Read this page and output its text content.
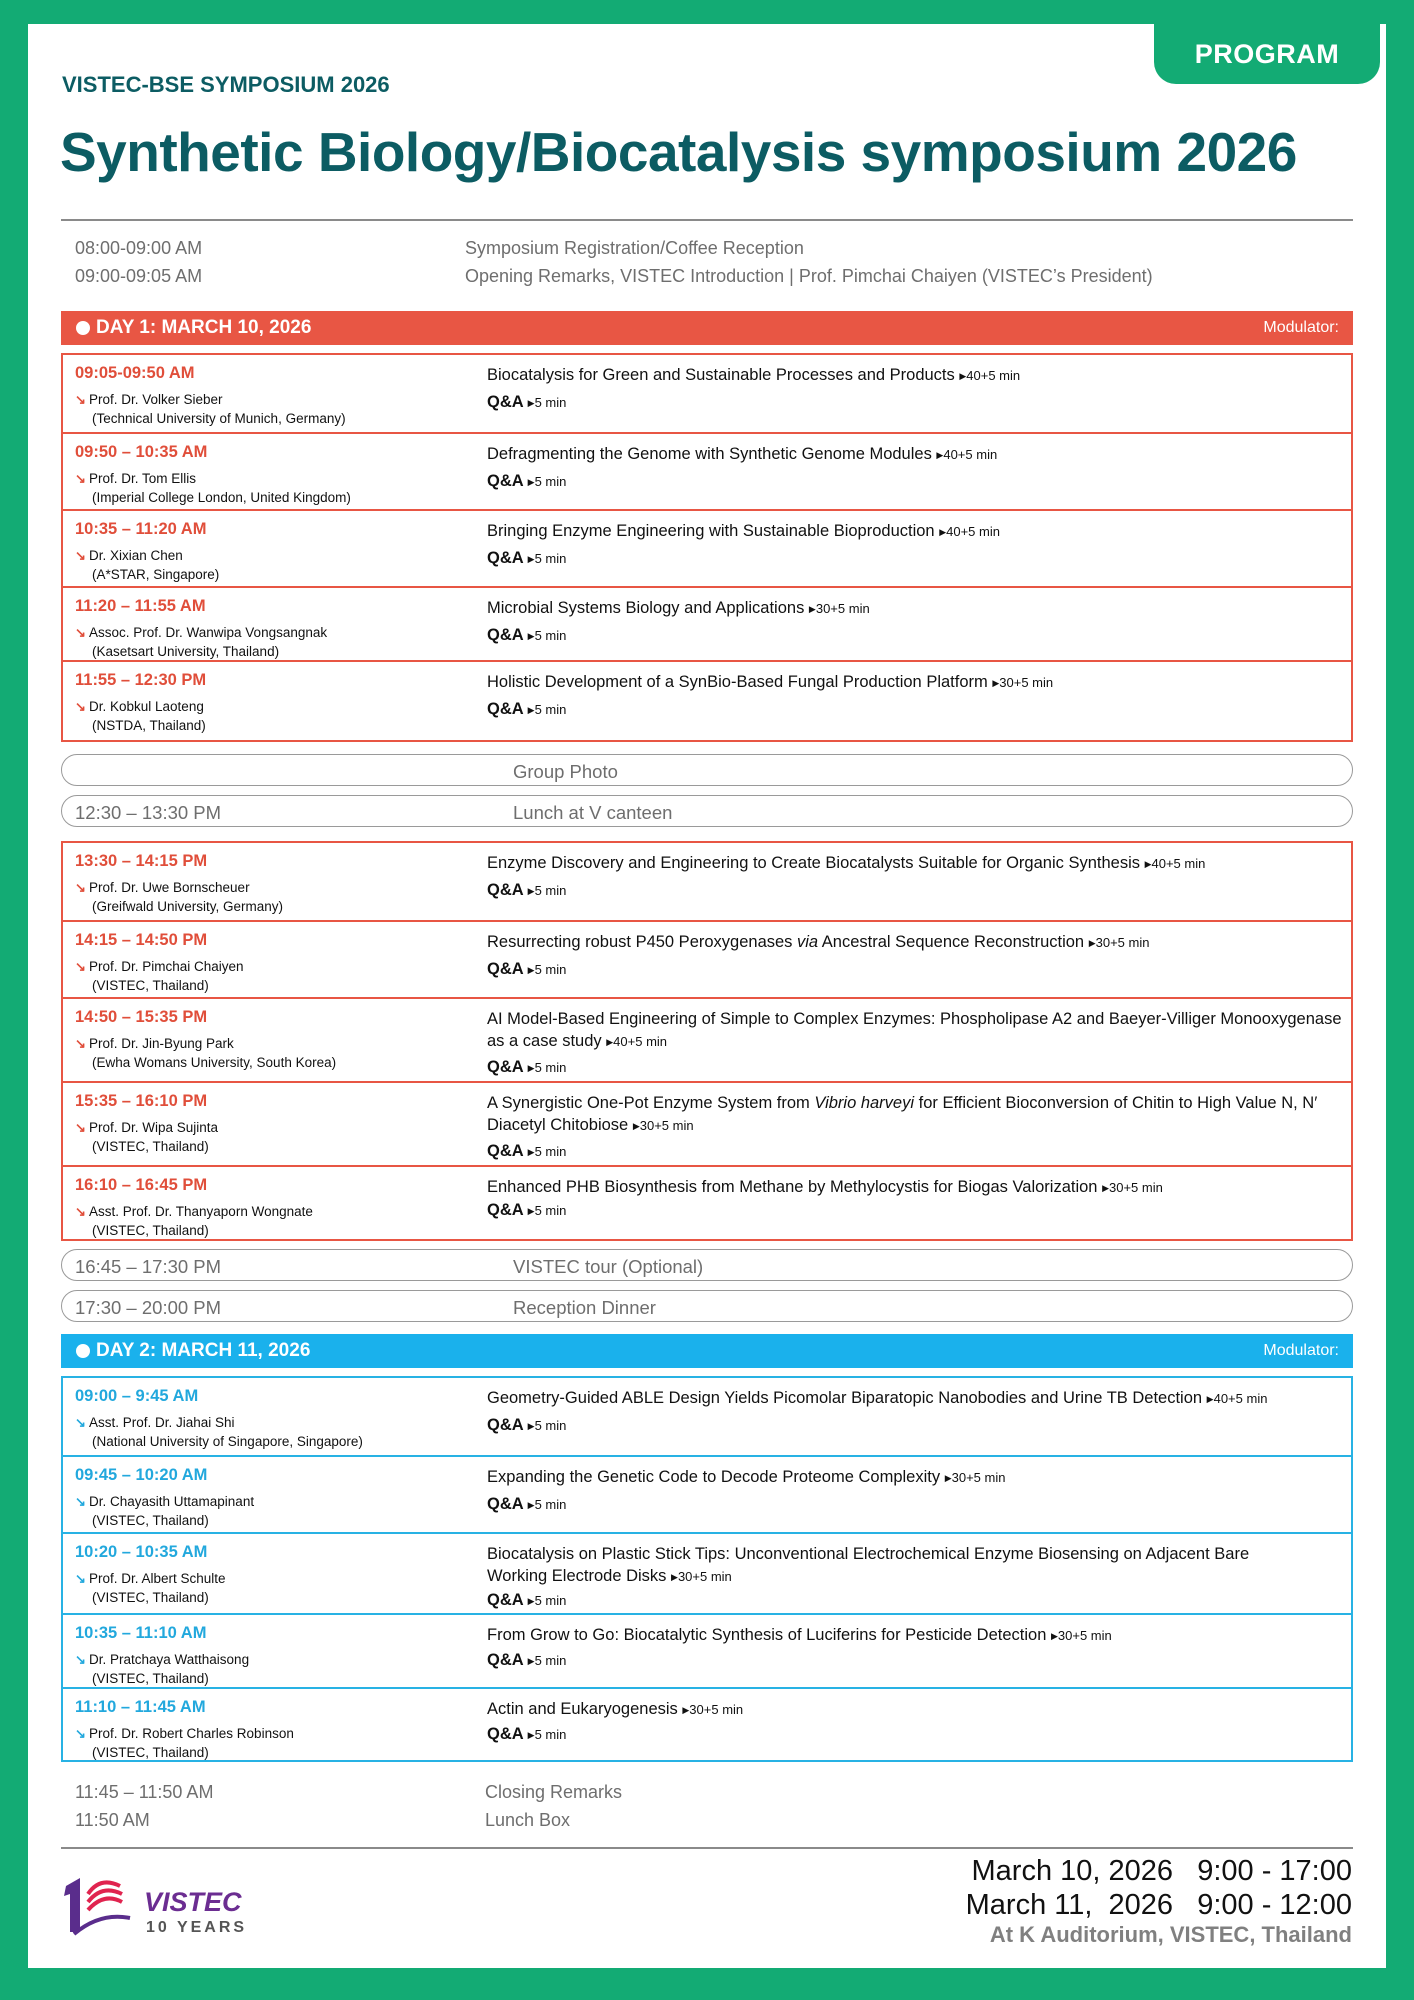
PROGRAM
VISTEC-BSE SYMPOSIUM 2026
Synthetic Biology/Biocatalysis symposium 2026
08:00-09:00 AM	Symposium Registration/Coffee Reception
09:00-09:05 AM	Opening Remarks, VISTEC Introduction | Prof. Pimchai Chaiyen (VISTEC’s President)
DAY 1: MARCH 10, 2026	Modulator:
09:05-09:50 AM
↘ Prof. Dr. Volker Sieber
(Technical University of Munich, Germany)
Biocatalysis for Green and Sustainable Processes and Products ▶40+5 min
Q&A ▶5 min
09:50 – 10:35 AM
↘ Prof. Dr. Tom Ellis
(Imperial College London, United Kingdom)
Defragmenting the Genome with Synthetic Genome Modules ▶40+5 min
Q&A ▶5 min
10:35 – 11:20 AM
↘ Dr. Xixian Chen
(A*STAR, Singapore)
Bringing Enzyme Engineering with Sustainable Bioproduction ▶40+5 min
Q&A ▶5 min
11:20 – 11:55 AM
↘ Assoc. Prof. Dr. Wanwipa Vongsangnak
(Kasetsart University, Thailand)
Microbial Systems Biology and Applications ▶30+5 min
Q&A ▶5 min
11:55 – 12:30 PM
↘ Dr. Kobkul Laoteng
(NSTDA, Thailand)
Holistic Development of a SynBio-Based Fungal Production Platform ▶30+5 min
Q&A ▶5 min
Group Photo
12:30 – 13:30 PM	Lunch at V canteen
13:30 – 14:15 PM
↘ Prof. Dr. Uwe Bornscheuer
(Greifwald University, Germany)
Enzyme Discovery and Engineering to Create Biocatalysts Suitable for Organic Synthesis ▶40+5 min
Q&A ▶5 min
14:15 – 14:50 PM
↘ Prof. Dr. Pimchai Chaiyen
(VISTEC, Thailand)
Resurrecting robust P450 Peroxygenases via Ancestral Sequence Reconstruction ▶30+5 min
Q&A ▶5 min
14:50 – 15:35 PM
↘ Prof. Dr. Jin-Byung Park
(Ewha Womans University, South Korea)
AI Model-Based Engineering of Simple to Complex Enzymes: Phospholipase A2 and Baeyer-Villiger Monooxygenase as a case study ▶40+5 min
Q&A ▶5 min
15:35 – 16:10 PM
↘ Prof. Dr. Wipa Sujinta
(VISTEC, Thailand)
A Synergistic One-Pot Enzyme System from Vibrio harveyi for Efficient Bioconversion of Chitin to High Value N, N′ Diacetyl Chitobiose ▶30+5 min
Q&A ▶5 min
16:10 – 16:45 PM
↘ Asst. Prof. Dr. Thanyaporn Wongnate
(VISTEC, Thailand)
Enhanced PHB Biosynthesis from Methane by Methylocystis for Biogas Valorization ▶30+5 min
Q&A ▶5 min
16:45 – 17:30 PM	VISTEC tour (Optional)
17:30 – 20:00 PM	Reception Dinner
DAY 2: MARCH 11, 2026	Modulator:
09:00 – 9:45 AM
↘ Asst. Prof. Dr. Jiahai Shi
(National University of Singapore, Singapore)
Geometry-Guided ABLE Design Yields Picomolar Biparatopic Nanobodies and Urine TB Detection ▶40+5 min
Q&A ▶5 min
09:45 – 10:20 AM
↘ Dr. Chayasith Uttamapinant
(VISTEC, Thailand)
Expanding the Genetic Code to Decode Proteome Complexity ▶30+5 min
Q&A ▶5 min
10:20 – 10:35 AM
↘ Prof. Dr. Albert Schulte
(VISTEC, Thailand)
Biocatalysis on Plastic Stick Tips: Unconventional Electrochemical Enzyme Biosensing on Adjacent Bare Working Electrode Disks ▶30+5 min
Q&A ▶5 min
10:35 – 11:10 AM
↘ Dr. Pratchaya Watthaisong
(VISTEC, Thailand)
From Grow to Go: Biocatalytic Synthesis of Luciferins for Pesticide Detection ▶30+5 min
Q&A ▶5 min
11:10 – 11:45 AM
↘ Prof. Dr. Robert Charles Robinson
(VISTEC, Thailand)
Actin and Eukaryogenesis ▶30+5 min
Q&A ▶5 min
11:45 – 11:50 AM	Closing Remarks
11:50 AM	Lunch Box
VISTEC
10 YEARS
March 10, 2026   9:00 - 17:00
March 11,  2026   9:00 - 12:00
At K Auditorium, VISTEC, Thailand
